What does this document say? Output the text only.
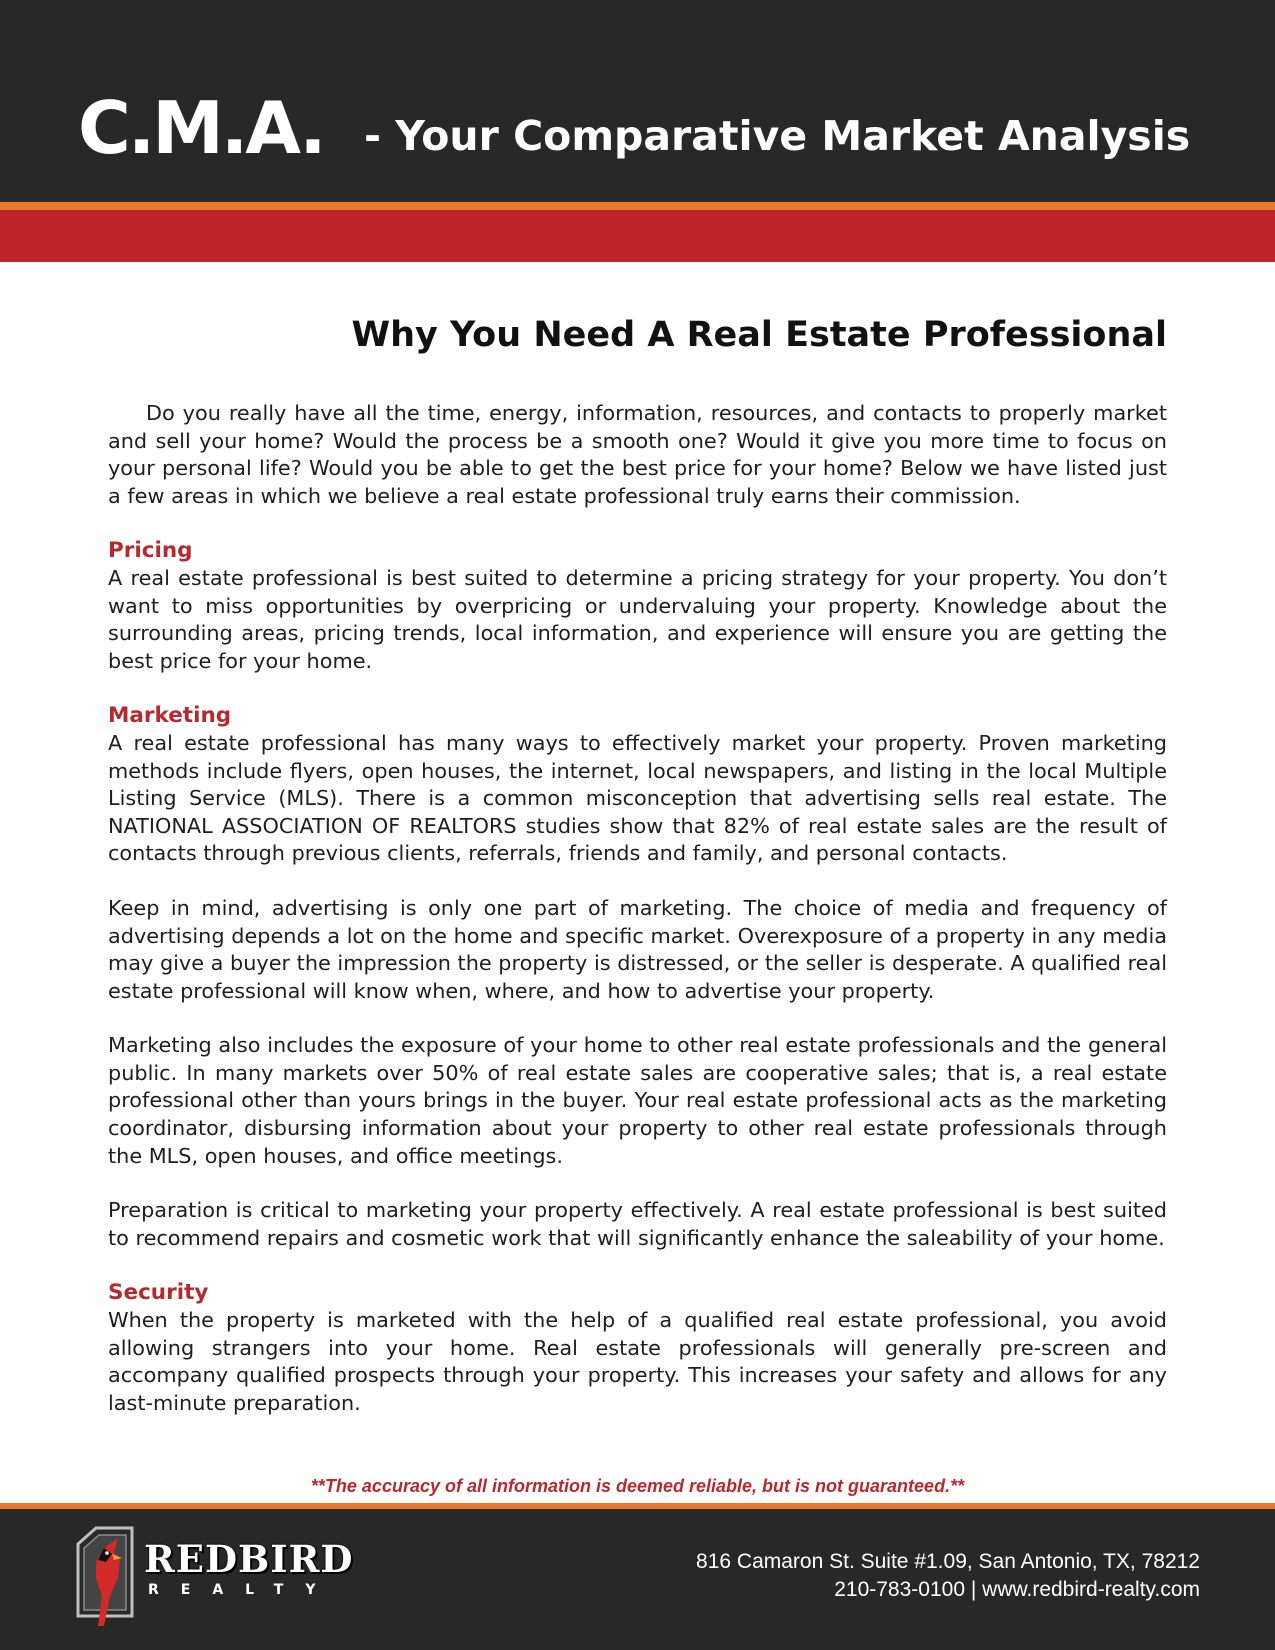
C.M.A. - Your Comparative Market Analysis
Why You Need A Real Estate Professional

Do you really have all the time, energy, information, resources, and contacts to properly market and sell your home? Would the process be a smooth one? Would it give you more time to focus on your personal life? Would you be able to get the best price for your home? Below we have listed just a few areas in which we believe a real estate professional truly earns their commission.

Pricing

A real estate professional is best suited to determine a pricing strategy for your property. You don’t want to miss opportunities by overpricing or undervaluing your property. Knowledge about the surrounding areas, pricing trends, local information, and experience will ensure you are getting the best price for your home.

Marketing

A real estate professional has many ways to effectively market your property. Proven marketing methods include flyers, open houses, the internet, local newspapers, and listing in the local Multiple Listing Service (MLS). There is a common misconception that advertising sells real estate. The NATIONAL ASSOCIATION OF REALTORS studies show that 82% of real estate sales are the result of contacts through previous clients, referrals, friends and family, and personal contacts.

Keep in mind, advertising is only one part of marketing. The choice of media and frequency of advertising depends a lot on the home and specific market. Overexposure of a property in any media may give a buyer the impression the property is distressed, or the seller is desperate. A qualified real estate professional will know when, where, and how to advertise your property.

Marketing also includes the exposure of your home to other real estate professionals and the general public. In many markets over 50% of real estate sales are cooperative sales; that is, a real estate professional other than yours brings in the buyer. Your real estate professional acts as the marketing coordinator, disbursing information about your property to other real estate professionals through the MLS, open houses, and office meetings.

Preparation is critical to marketing your property effectively. A real estate professional is best suited to recommend repairs and cosmetic work that will significantly enhance the saleability of your home.

Security

When the property is marketed with the help of a qualified real estate professional, you avoid allowing strangers into your home. Real estate professionals will generally pre-screen and accompany qualified prospects through your property. This increases your safety and allows for any last-minute preparation.

**The accuracy of all information is deemed reliable, but is not guaranteed.**
REDBIRD
REALTY
816 Camaron St. Suite #1.09, San Antonio, TX, 78212
210-783-0100 | www.redbird-realty.com
